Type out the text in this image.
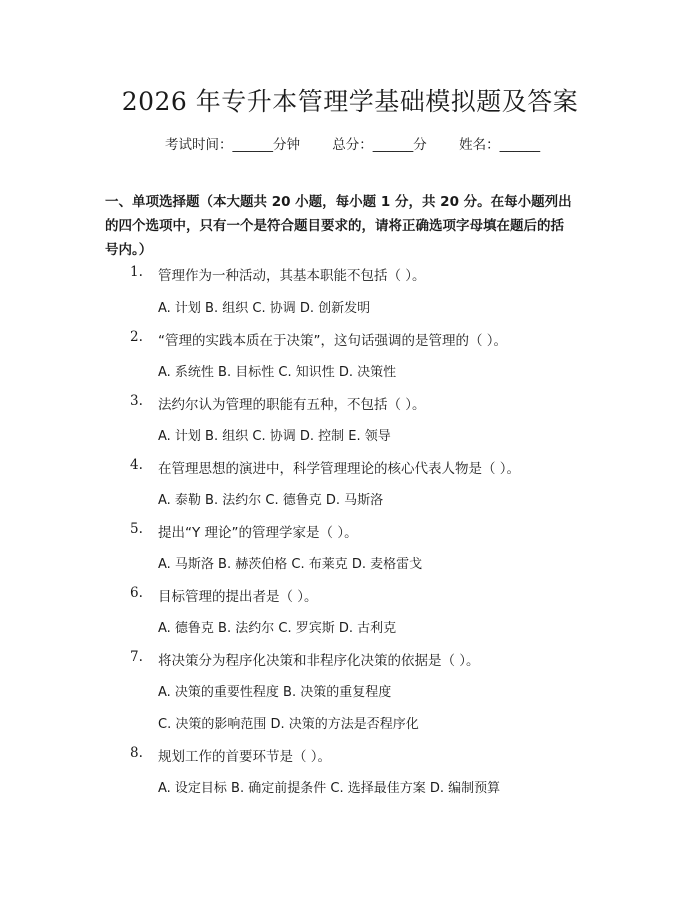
2026 年专升本管理学基础模拟题及答案
考试时间：______分钟 总分：______分 姓名：______
一、单项选择题（本大题共 20 小题，每小题 1 分，共 20 分。在每小题列出的四个选项中，只有一个是符合题目要求的，请将正确选项字母填在题后的括号内。）
1. 管理作为一种活动，其基本职能不包括（ ）。
A. 计划 B. 组织 C. 协调 D. 创新发明
2. “管理的实践本质在于决策”，这句话强调的是管理的（ ）。
A. 系统性 B. 目标性 C. 知识性 D. 决策性
3. 法约尔认为管理的职能有五种，不包括（ ）。
A. 计划 B. 组织 C. 协调 D. 控制 E. 领导
4. 在管理思想的演进中，科学管理理论的核心代表人物是（ ）。
A. 泰勒 B. 法约尔 C. 德鲁克 D. 马斯洛
5. 提出“Y 理论”的管理学家是（ ）。
A. 马斯洛 B. 赫茨伯格 C. 布莱克 D. 麦格雷戈
6. 目标管理的提出者是（ ）。
A. 德鲁克 B. 法约尔 C. 罗宾斯 D. 古利克
7. 将决策分为程序化决策和非程序化决策的依据是（ ）。
A. 决策的重要性程度 B. 决策的重复程度
C. 决策的影响范围 D. 决策的方法是否程序化
8. 规划工作的首要环节是（ ）。
A. 设定目标 B. 确定前提条件 C. 选择最佳方案 D. 编制预算
